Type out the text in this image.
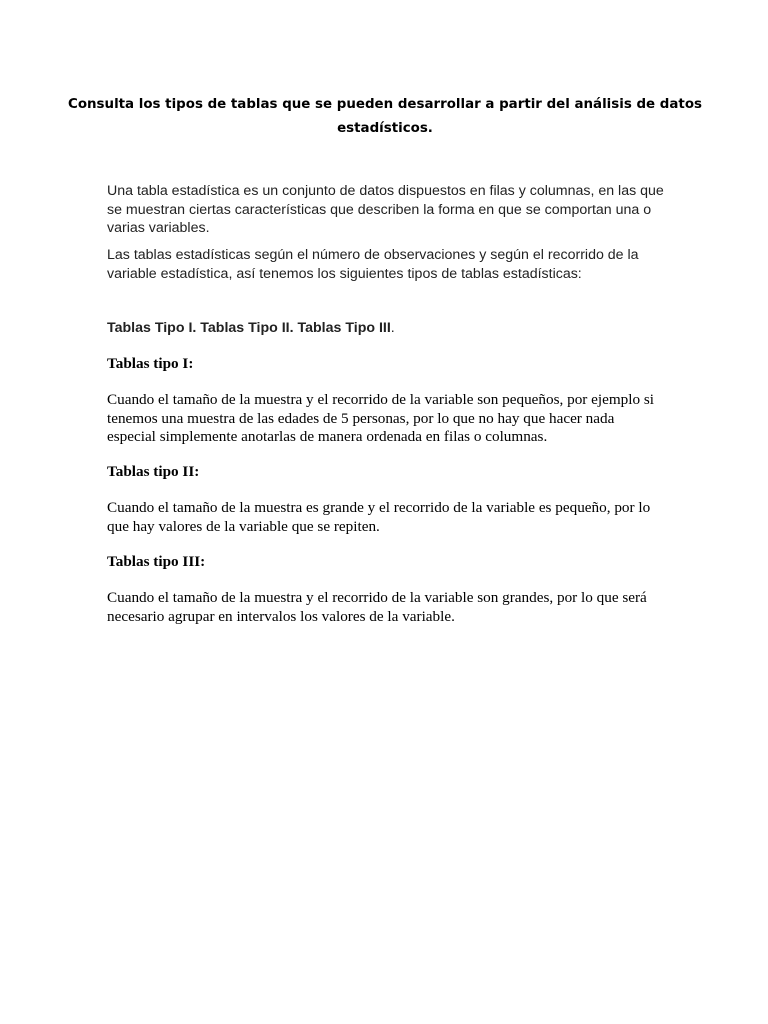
Consulta los tipos de tablas que se pueden desarrollar a partir del análisis de datos estadísticos.
Una tabla estadística es un conjunto de datos dispuestos en filas y columnas, en las que se muestran ciertas características que describen la forma en que se comportan una o varias variables.
Las tablas estadísticas según el número de observaciones y según el recorrido de la variable estadística, así tenemos los siguientes tipos de tablas estadísticas:
Tablas Tipo I. Tablas Tipo II. Tablas Tipo III.
Tablas tipo I:
Cuando el tamaño de la muestra y el recorrido de la variable son pequeños, por ejemplo si tenemos una muestra de las edades de 5 personas, por lo que no hay que hacer nada especial simplemente anotarlas de manera ordenada en filas o columnas.
Tablas tipo II:
Cuando el tamaño de la muestra es grande y el recorrido de la variable es pequeño, por lo que hay valores de la variable que se repiten.
Tablas tipo III:
Cuando el tamaño de la muestra y el recorrido de la variable son grandes, por lo que será necesario agrupar en intervalos los valores de la variable.
